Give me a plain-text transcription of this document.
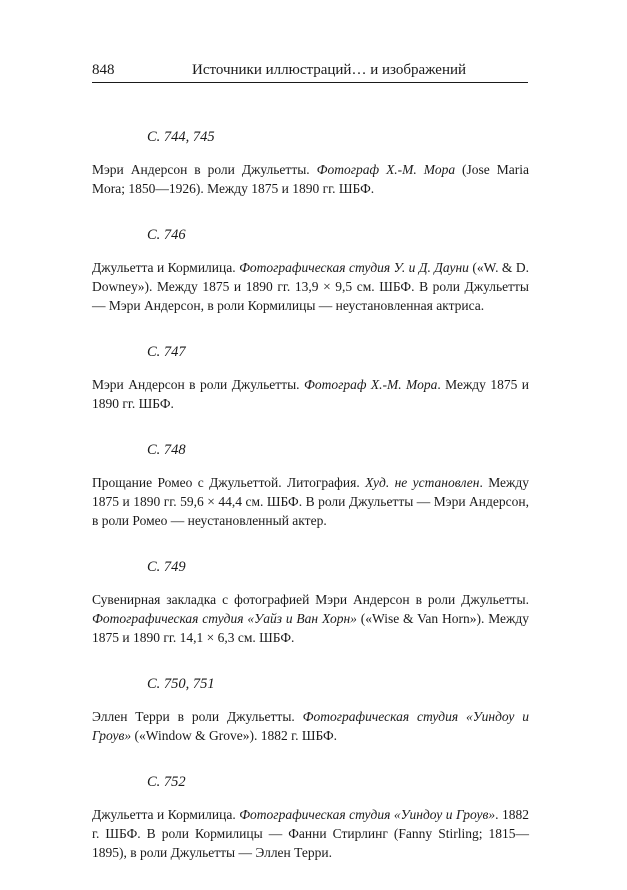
848	Источники иллюстраций… и изображений
С. 744, 745

Мэри Андерсон в роли Джульетты. Фотограф Х.-М. Мора (Jose Maria Mora; 1850—1926). Между 1875 и 1890 гг. ШБФ.

С. 746

Джульетта и Кормилица. Фотографическая студия У. и Д. Дауни («W. & D. Downey»). Между 1875 и 1890 гг. 13,9 × 9,5 см. ШБФ. В роли Джульетты — Мэри Андерсон, в роли Кормилицы — неустановленная актриса.

С. 747

Мэри Андерсон в роли Джульетты. Фотограф Х.-М. Мора. Между 1875 и 1890 гг. ШБФ.

С. 748

Прощание Ромео с Джульеттой. Литография. Худ. не установлен. Между 1875 и 1890 гг. 59,6 × 44,4 см. ШБФ. В роли Джульетты — Мэри Андерсон, в роли Ромео — неустановленный актер.

С. 749

Сувенирная закладка с фотографией Мэри Андерсон в роли Джульетты. Фотографическая студия «Уайз и Ван Хорн» («Wise & Van Horn»). Между 1875 и 1890 гг. 14,1 × 6,3 см. ШБФ.

С. 750, 751

Эллен Терри в роли Джульетты. Фотографическая студия «Уиндоу и Гроув» («Window & Grove»). 1882 г. ШБФ.

С. 752

Джульетта и Кормилица. Фотографическая студия «Уиндоу и Гроув». 1882 г. ШБФ. В роли Кормилицы — Фанни Стирлинг (Fanny Stirling; 1815—1895), в роли Джульетты — Эллен Терри.
